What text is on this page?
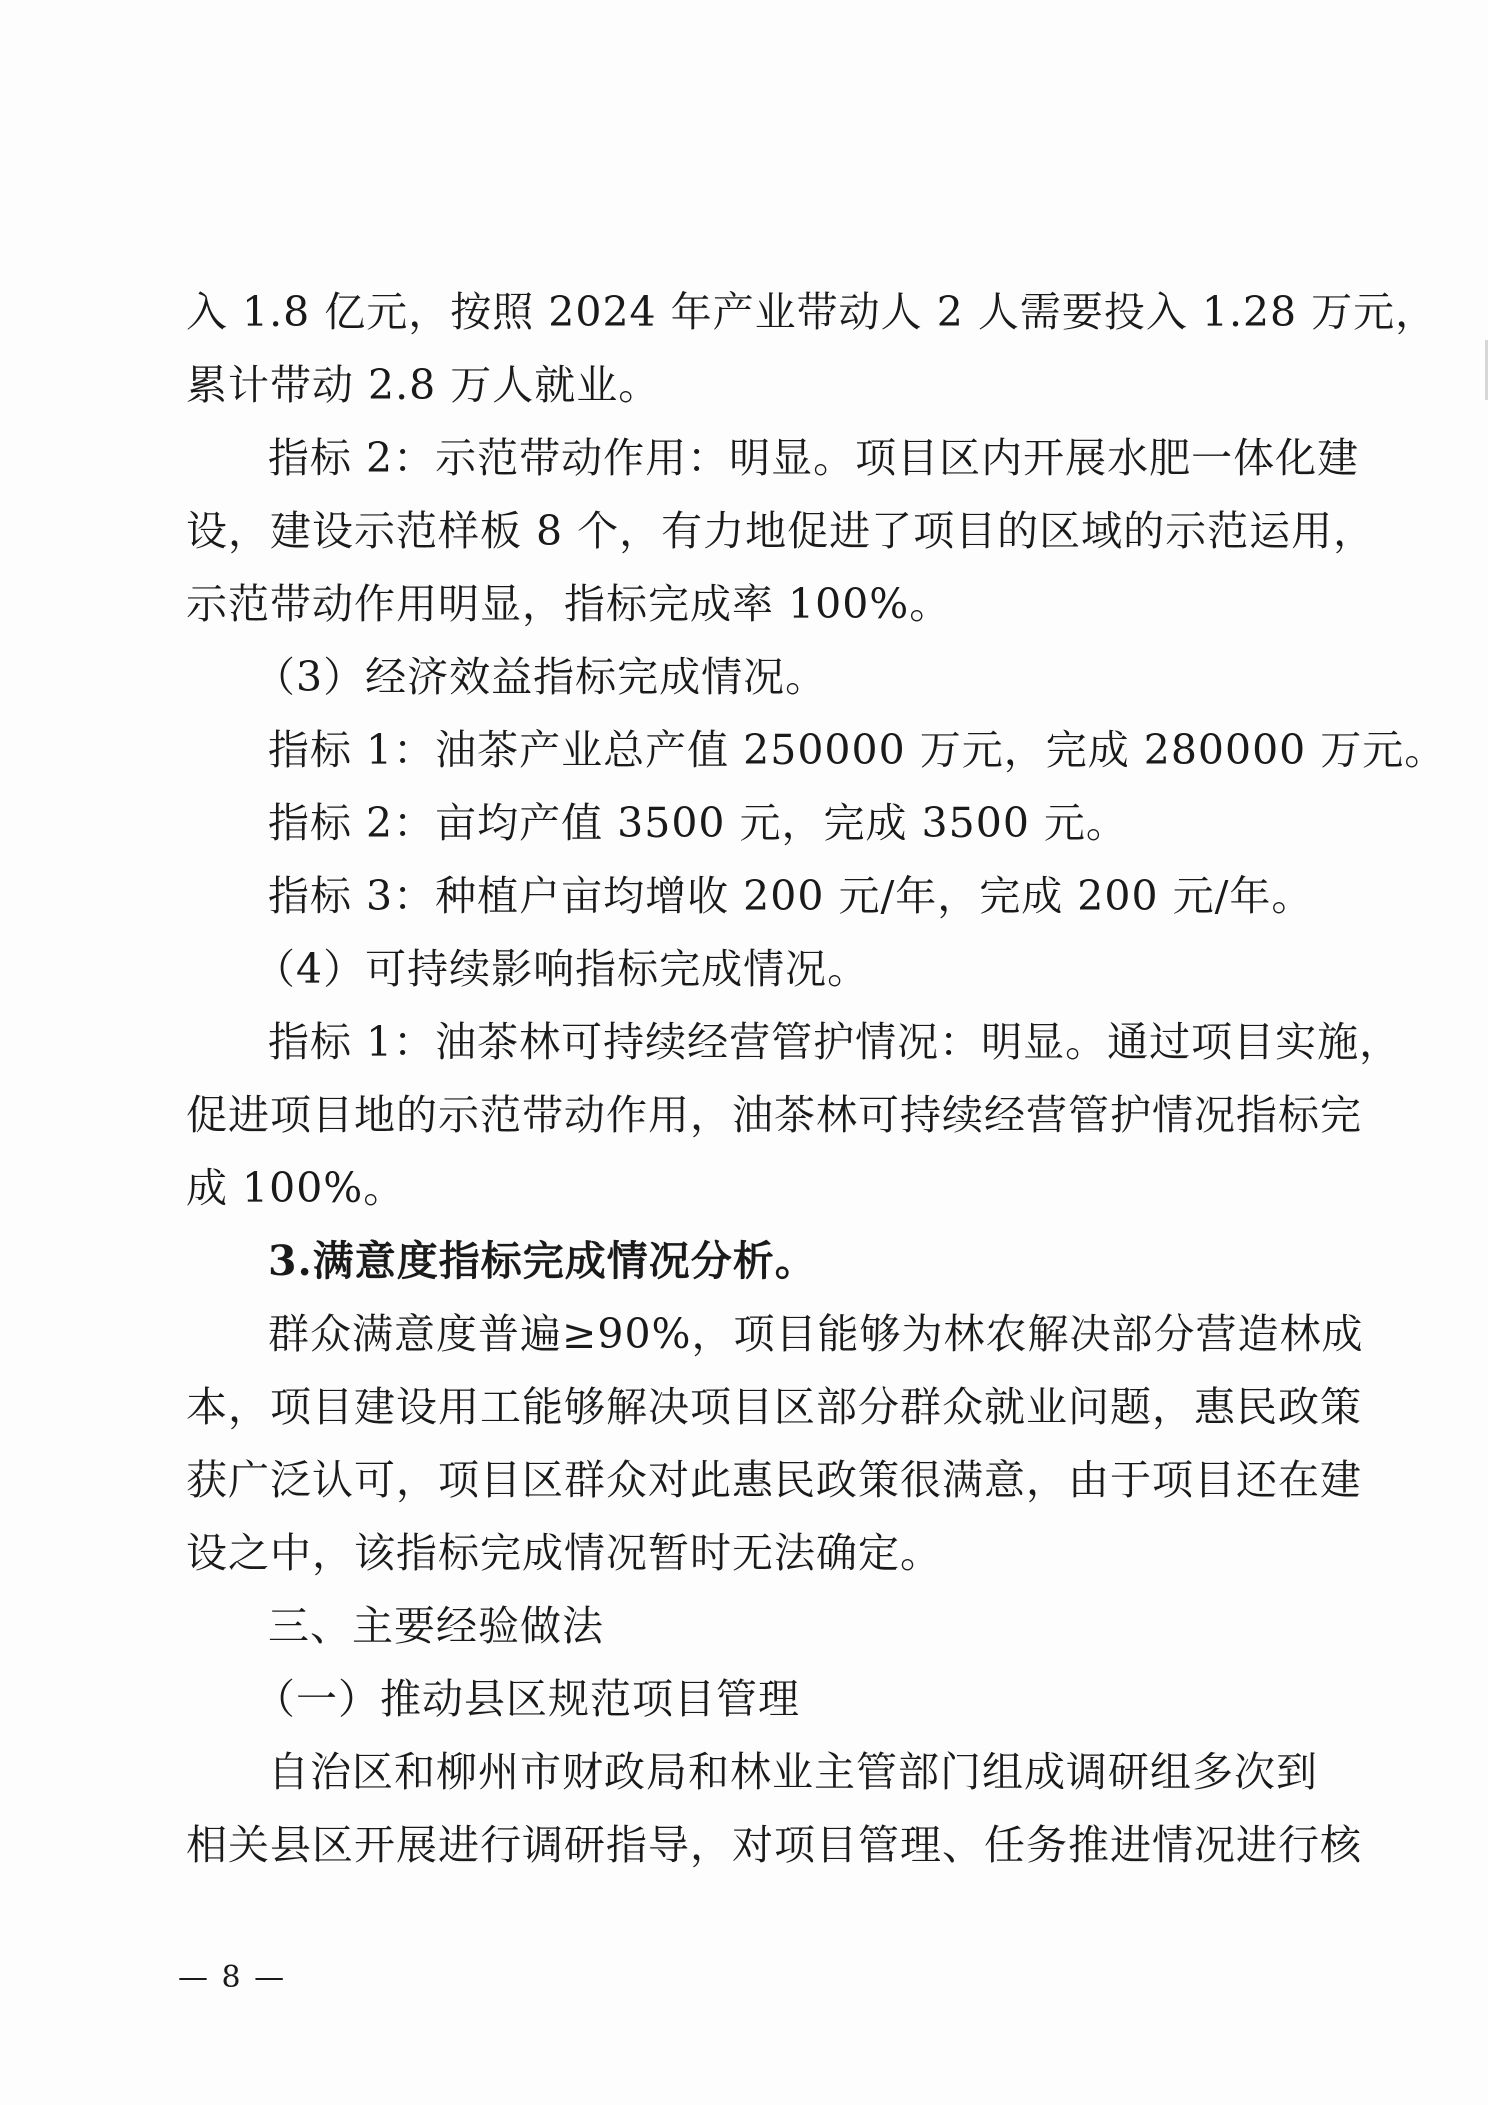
入 1.8 亿元，按照 2024 年产业带动人 2 人需要投入 1.28 万元，
累计带动 2.8 万人就业。
指标 2：示范带动作用：明显。项目区内开展水肥一体化建
设，建设示范样板 8 个，有力地促进了项目的区域的示范运用，
示范带动作用明显，指标完成率 100%。
（3）经济效益指标完成情况。
指标 1：油茶产业总产值 250000 万元，完成 280000 万元。
指标 2：亩均产值 3500 元，完成 3500 元。
指标 3：种植户亩均增收 200 元/年，完成 200 元/年。
（4）可持续影响指标完成情况。
指标 1：油茶林可持续经营管护情况：明显。通过项目实施，
促进项目地的示范带动作用，油茶林可持续经营管护情况指标完
成 100%。
3.满意度指标完成情况分析。
群众满意度普遍≥90%，项目能够为林农解决部分营造林成
本，项目建设用工能够解决项目区部分群众就业问题，惠民政策
获广泛认可，项目区群众对此惠民政策很满意，由于项目还在建
设之中，该指标完成情况暂时无法确定。
三、主要经验做法
（一）推动县区规范项目管理
自治区和柳州市财政局和林业主管部门组成调研组多次到
相关县区开展进行调研指导，对项目管理、任务推进情况进行核
— 8 —
